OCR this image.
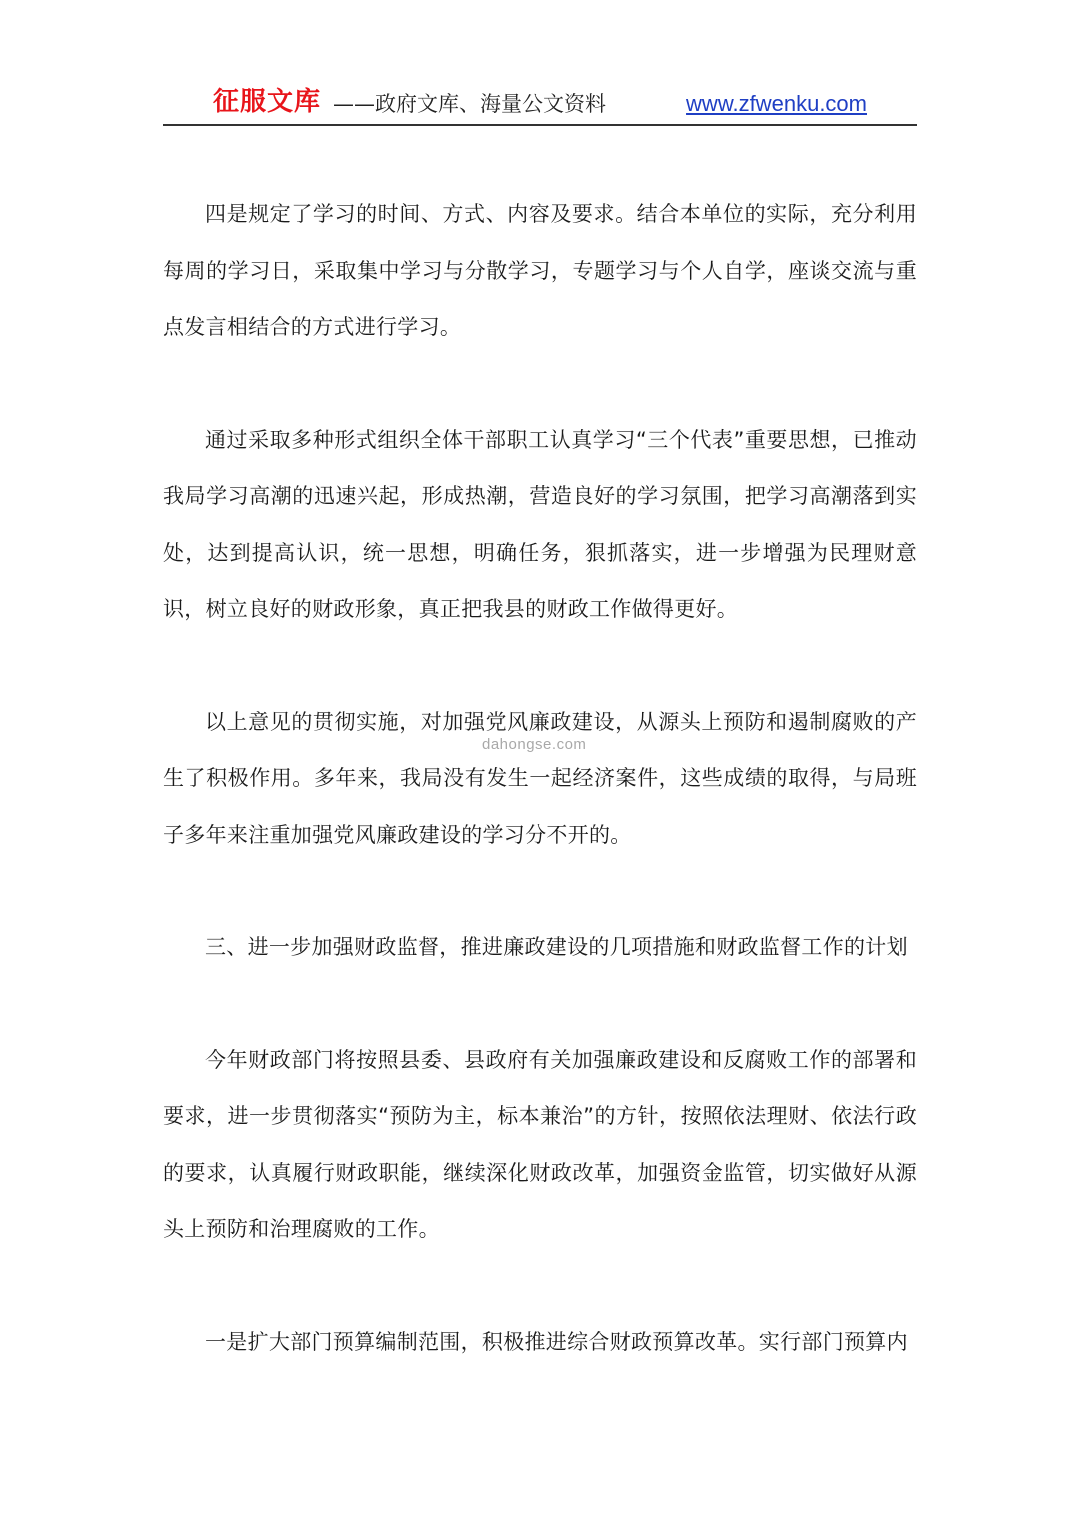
征服文库 ——政府文库、海量公文资料	www.zfwenku.com

四是规定了学习的时间、方式、内容及要求。结合本单位的实际，充分利用每周的学习日，采取集中学习与分散学习，专题学习与个人自学，座谈交流与重点发言相结合的方式进行学习。

通过采取多种形式组织全体干部职工认真学习“三个代表”重要思想，已推动我局学习高潮的迅速兴起，形成热潮，营造良好的学习氛围，把学习高潮落到实处，达到提高认识，统一思想，明确任务，狠抓落实，进一步增强为民理财意识，树立良好的财政形象，真正把我县的财政工作做得更好。

以上意见的贯彻实施，对加强党风廉政建设，从源头上预防和遏制腐败的产生了积极作用。多年来，我局没有发生一起经济案件，这些成绩的取得，与局班子多年来注重加强党风廉政建设的学习分不开的。

三、进一步加强财政监督，推进廉政建设的几项措施和财政监督工作的计划

今年财政部门将按照县委、县政府有关加强廉政建设和反腐败工作的部署和要求，进一步贯彻落实“预防为主，标本兼治”的方针，按照依法理财、依法行政的要求，认真履行财政职能，继续深化财政改革，加强资金监管，切实做好从源头上预防和治理腐败的工作。

一是扩大部门预算编制范围，积极推进综合财政预算改革。实行部门预算内

dahongse.com
